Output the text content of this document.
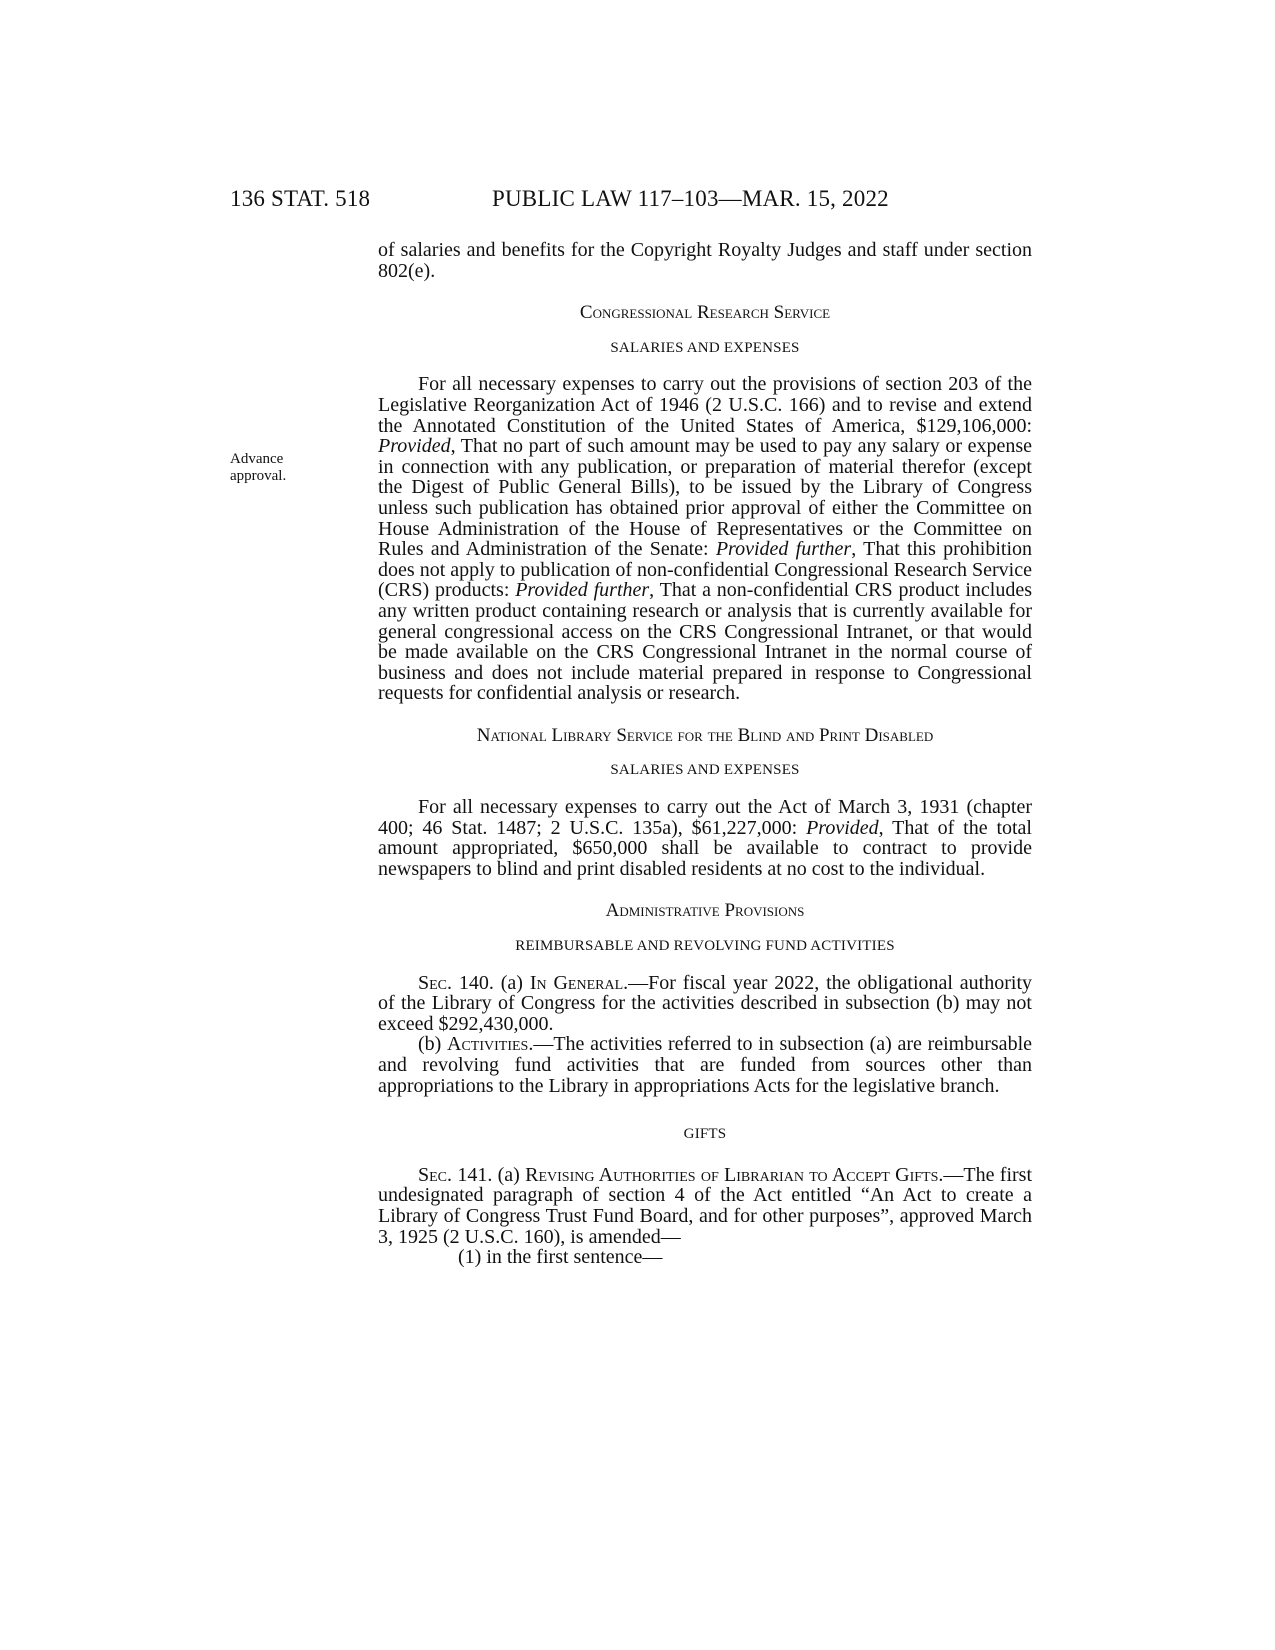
136 STAT. 518	PUBLIC LAW 117–103—MAR. 15, 2022
Advance approval.

of salaries and benefits for the Copyright Royalty Judges and staff under section 802(e).

Congressional Research Service
SALARIES AND EXPENSES

For all necessary expenses to carry out the provisions of section 203 of the Legislative Reorganization Act of 1946 (2 U.S.C. 166) and to revise and extend the Annotated Constitution of the United States of America, $129,106,000: Provided, That no part of such amount may be used to pay any salary or expense in connection with any publication, or preparation of material therefor (except the Digest of Public General Bills), to be issued by the Library of Congress unless such publication has obtained prior approval of either the Committee on House Administration of the House of Representatives or the Committee on Rules and Administration of the Senate: Provided further, That this prohibition does not apply to publication of non-confidential Congressional Research Service (CRS) products: Provided further, That a non-confidential CRS product includes any written product containing research or analysis that is currently available for general congressional access on the CRS Congressional Intranet, or that would be made available on the CRS Congressional Intranet in the normal course of business and does not include material prepared in response to Congressional requests for confidential analysis or research.

National Library Service for the Blind and Print Disabled
SALARIES AND EXPENSES

For all necessary expenses to carry out the Act of March 3, 1931 (chapter 400; 46 Stat. 1487; 2 U.S.C. 135a), $61,227,000: Provided, That of the total amount appropriated, $650,000 shall be available to contract to provide newspapers to blind and print disabled residents at no cost to the individual.

Administrative Provisions
REIMBURSABLE AND REVOLVING FUND ACTIVITIES

Sec. 140. (a) In General.—For fiscal year 2022, the obligational authority of the Library of Congress for the activities described in subsection (b) may not exceed $292,430,000.

(b) Activities.—The activities referred to in subsection (a) are reimbursable and revolving fund activities that are funded from sources other than appropriations to the Library in appropriations Acts for the legislative branch.

GIFTS

Sec. 141. (a) Revising Authorities of Librarian to Accept Gifts.—The first undesignated paragraph of section 4 of the Act entitled “An Act to create a Library of Congress Trust Fund Board, and for other purposes”, approved March 3, 1925 (2 U.S.C. 160), is amended—

(1) in the first sentence—
